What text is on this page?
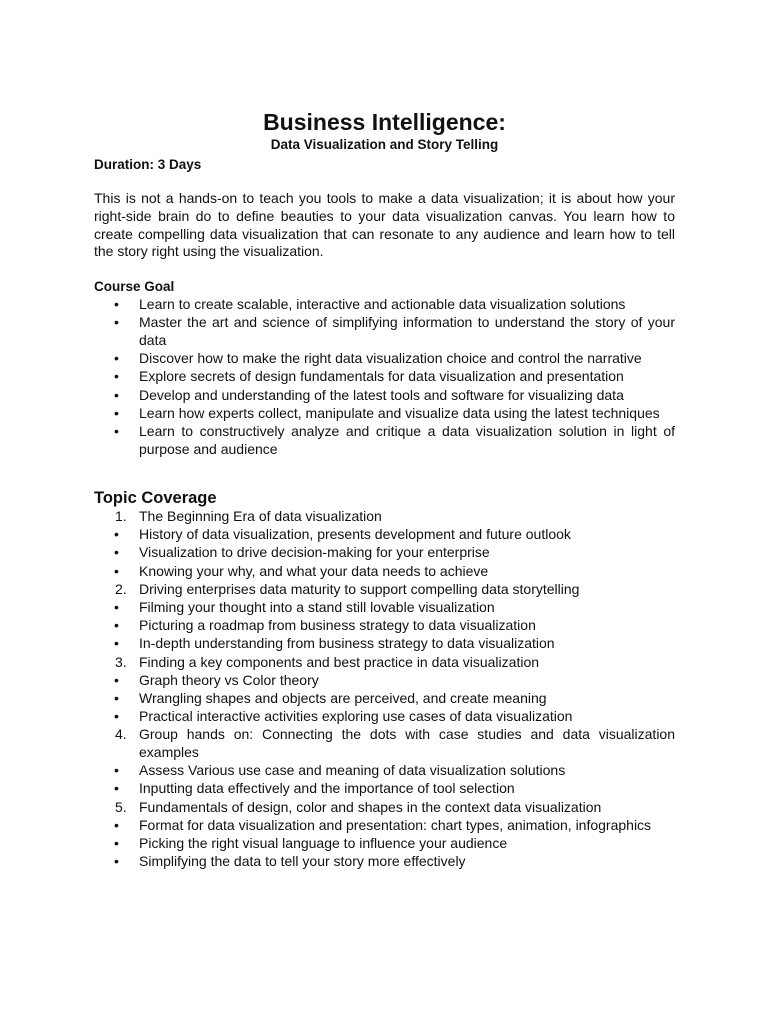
Business Intelligence:
Data Visualization and Story Telling
Duration: 3 Days

This is not a hands-on to teach you tools to make a data visualization; it is about how your right-side brain do to define beauties to your data visualization canvas. You learn how to create compelling data visualization that can resonate to any audience and learn how to tell the story right using the visualization.

Course Goal
•	Learn to create scalable, interactive and actionable data visualization solutions
•	Master the art and science of simplifying information to understand the story of your data
•	Discover how to make the right data visualization choice and control the narrative
•	Explore secrets of design fundamentals for data visualization and presentation
•	Develop and understanding of the latest tools and software for visualizing data
•	Learn how experts collect, manipulate and visualize data using the latest techniques
•	Learn to constructively analyze and critique a data visualization solution in light of purpose and audience
Topic Coverage
1. The Beginning Era of data visualization
•	History of data visualization, presents development and future outlook
•	Visualization to drive decision-making for your enterprise
•	Knowing your why, and what your data needs to achieve
2. Driving enterprises data maturity to support compelling data storytelling
•	Filming your thought into a stand still lovable visualization
•	Picturing a roadmap from business strategy to data visualization
•	In-depth understanding from business strategy to data visualization
3. Finding a key components and best practice in data visualization
•	Graph theory vs Color theory
•	Wrangling shapes and objects are perceived, and create meaning
•	Practical interactive activities exploring use cases of data visualization
4. Group hands on: Connecting the dots with case studies and data visualization examples
•	Assess Various use case and meaning of data visualization solutions
•	Inputting data effectively and the importance of tool selection
5. Fundamentals of design, color and shapes in the context data visualization
•	Format for data visualization and presentation: chart types, animation, infographics
•	Picking the right visual language to influence your audience
•	Simplifying the data to tell your story more effectively
